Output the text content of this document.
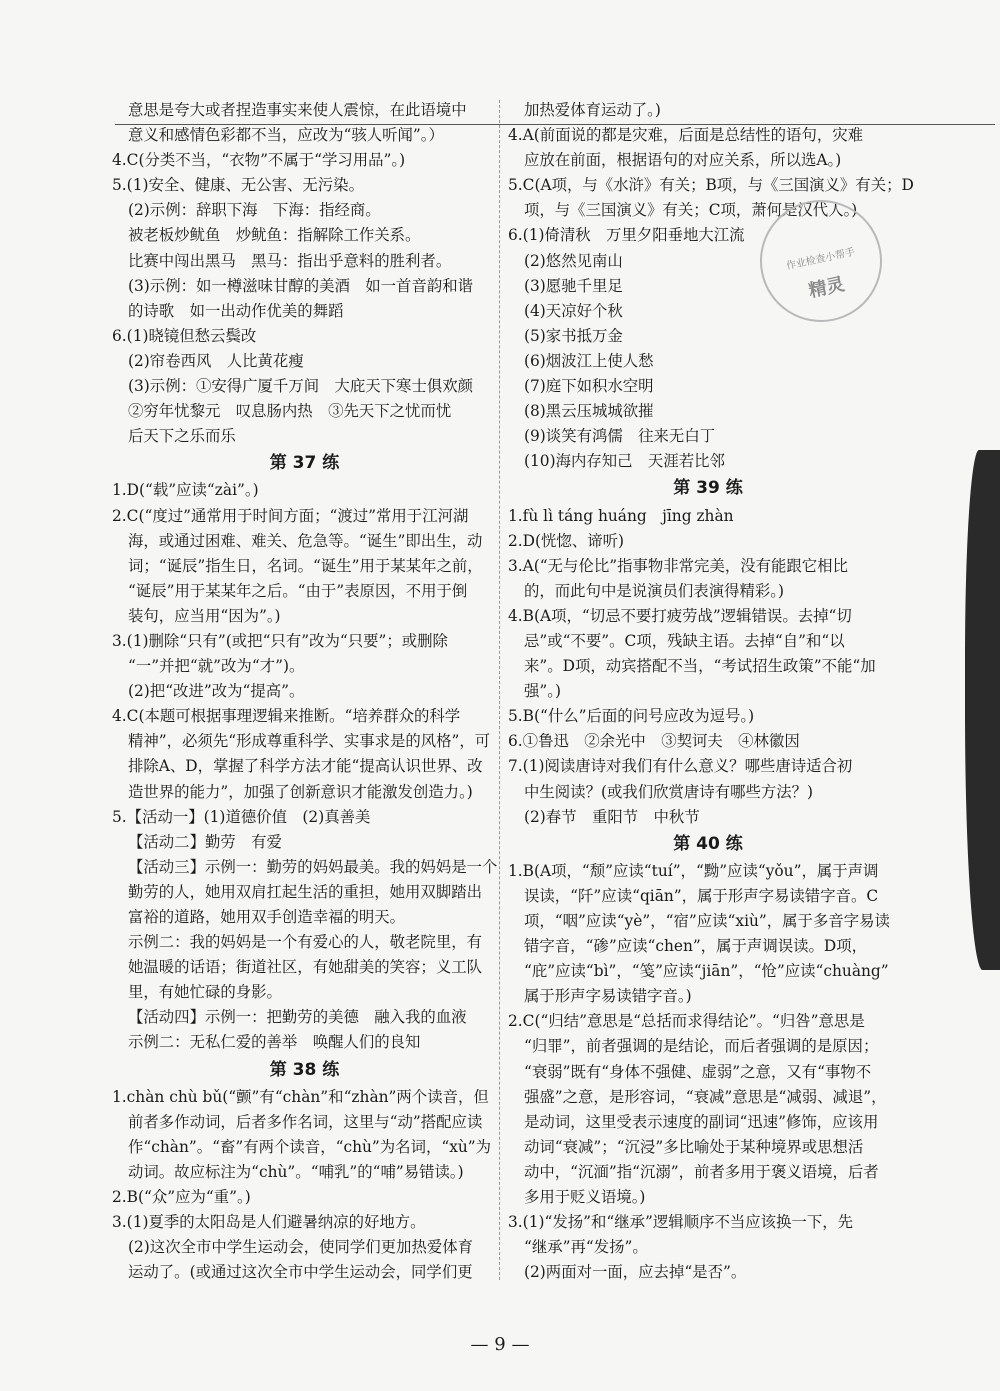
意思是夸大或者捏造事实来使人震惊，在此语境中
意义和感情色彩都不当，应改为“骇人听闻”。）
4.C(分类不当，“衣物”不属于“学习用品”。)
5.(1)安全、健康、无公害、无污染。
(2)示例：辞职下海　下海：指经商。
被老板炒鱿鱼　炒鱿鱼：指解除工作关系。
比赛中闯出黑马　黑马：指出乎意料的胜利者。
(3)示例：如一樽滋味甘醇的美酒　如一首音韵和谐
的诗歌　如一出动作优美的舞蹈
6.(1)晓镜但愁云鬓改
(2)帘卷西风　人比黄花瘦
(3)示例：①安得广厦千万间　大庇天下寒士俱欢颜
②穷年忧黎元　叹息肠内热　③先天下之忧而忧
后天下之乐而乐
第 37 练
1.D(“载”应读“zài”。)
2.C(“度过”通常用于时间方面；“渡过”常用于江河湖
海，或通过困难、难关、危急等。“诞生”即出生，动
词；“诞辰”指生日，名词。“诞生”用于某某年之前，
“诞辰”用于某某年之后。“由于”表原因，不用于倒
装句，应当用“因为”。)
3.(1)删除“只有”(或把“只有”改为“只要”；或删除
“一”并把“就”改为“才”)。
(2)把“改进”改为“提高”。
4.C(本题可根据事理逻辑来推断。“培养群众的科学
精神”，必须先“形成尊重科学、实事求是的风格”，可
排除A、D，掌握了科学方法才能“提高认识世界、改
造世界的能力”，加强了创新意识才能激发创造力。)
5.【活动一】(1)道德价值　(2)真善美
【活动二】勤劳　有爱
【活动三】示例一：勤劳的妈妈最美。我的妈妈是一个
勤劳的人，她用双肩扛起生活的重担，她用双脚踏出
富裕的道路，她用双手创造幸福的明天。
示例二：我的妈妈是一个有爱心的人，敬老院里，有
她温暖的话语；街道社区，有她甜美的笑容；义工队
里，有她忙碌的身影。
【活动四】示例一：把勤劳的美德　融入我的血液
示例二：无私仁爱的善举　唤醒人们的良知
第 38 练
1.chàn chù bǔ(“颤”有“chàn”和“zhàn”两个读音，但
前者多作动词，后者多作名词，这里与“动”搭配应读
作“chàn”。“畜”有两个读音，“chù”为名词，“xù”为
动词。故应标注为“chù”。“哺乳”的“哺”易错读。)
2.B(“众”应为“重”。)
3.(1)夏季的太阳岛是人们避暑纳凉的好地方。
(2)这次全市中学生运动会，使同学们更加热爱体育
运动了。(或通过这次全市中学生运动会，同学们更
加热爱体育运动了。)
4.A(前面说的都是灾难，后面是总结性的语句，灾难
应放在前面，根据语句的对应关系，所以选A。)
5.C(A项，与《水浒》有关；B项，与《三国演义》有关；D
项，与《三国演义》有关；C项，萧何是汉代人。)
6.(1)倚清秋　万里夕阳垂地大江流
(2)悠然见南山
(3)愿驰千里足
(4)天凉好个秋
(5)家书抵万金
(6)烟波江上使人愁
(7)庭下如积水空明
(8)黑云压城城欲摧
(9)谈笑有鸿儒　往来无白丁
(10)海内存知己　天涯若比邻
第 39 练
1.fù lì táng huáng　jīng zhàn
2.D(恍惚、谛听)
3.A(“无与伦比”指事物非常完美，没有能跟它相比
的，而此句中是说演员们表演得精彩。)
4.B(A项，“切忌不要打疲劳战”逻辑错误。去掉“切
忌”或“不要”。C项，残缺主语。去掉“自”和“以
来”。D项，动宾搭配不当，“考试招生政策”不能“加
强”。)
5.B(“什么”后面的问号应改为逗号。)
6.①鲁迅　②余光中　③契诃夫　④林徽因
7.(1)阅读唐诗对我们有什么意义？哪些唐诗适合初
中生阅读？(或我们欣赏唐诗有哪些方法？)
(2)春节　重阳节　中秋节
第 40 练
1.B(A项，“颓”应读“tuí”，“黝”应读“yǒu”，属于声调
误读，“阡”应读“qiān”，属于形声字易读错字音。C
项，“咽”应读“yè”，“宿”应读“xiù”，属于多音字易读
错字音，“碜”应读“chen”，属于声调误读。D项，
“庇”应读“bì”，“笺”应读“jiān”，“怆”应读“chuàng”
属于形声字易读错字音。)
2.C(“归结”意思是“总括而求得结论”。“归咎”意思是
“归罪”，前者强调的是结论，而后者强调的是原因；
“衰弱”既有“身体不强健、虚弱”之意，又有“事物不
强盛”之意，是形容词，“衰减”意思是“减弱、减退”，
是动词，这里受表示速度的副词“迅速”修饰，应该用
动词“衰减”；“沉浸”多比喻处于某种境界或思想活
动中，“沉湎”指“沉溺”，前者多用于褒义语境，后者
多用于贬义语境。)
3.(1)“发扬”和“继承”逻辑顺序不当应该换一下，先
“继承”再“发扬”。
(2)两面对一面，应去掉“是否”。
作业检查小帮手
精灵
— 9 —
